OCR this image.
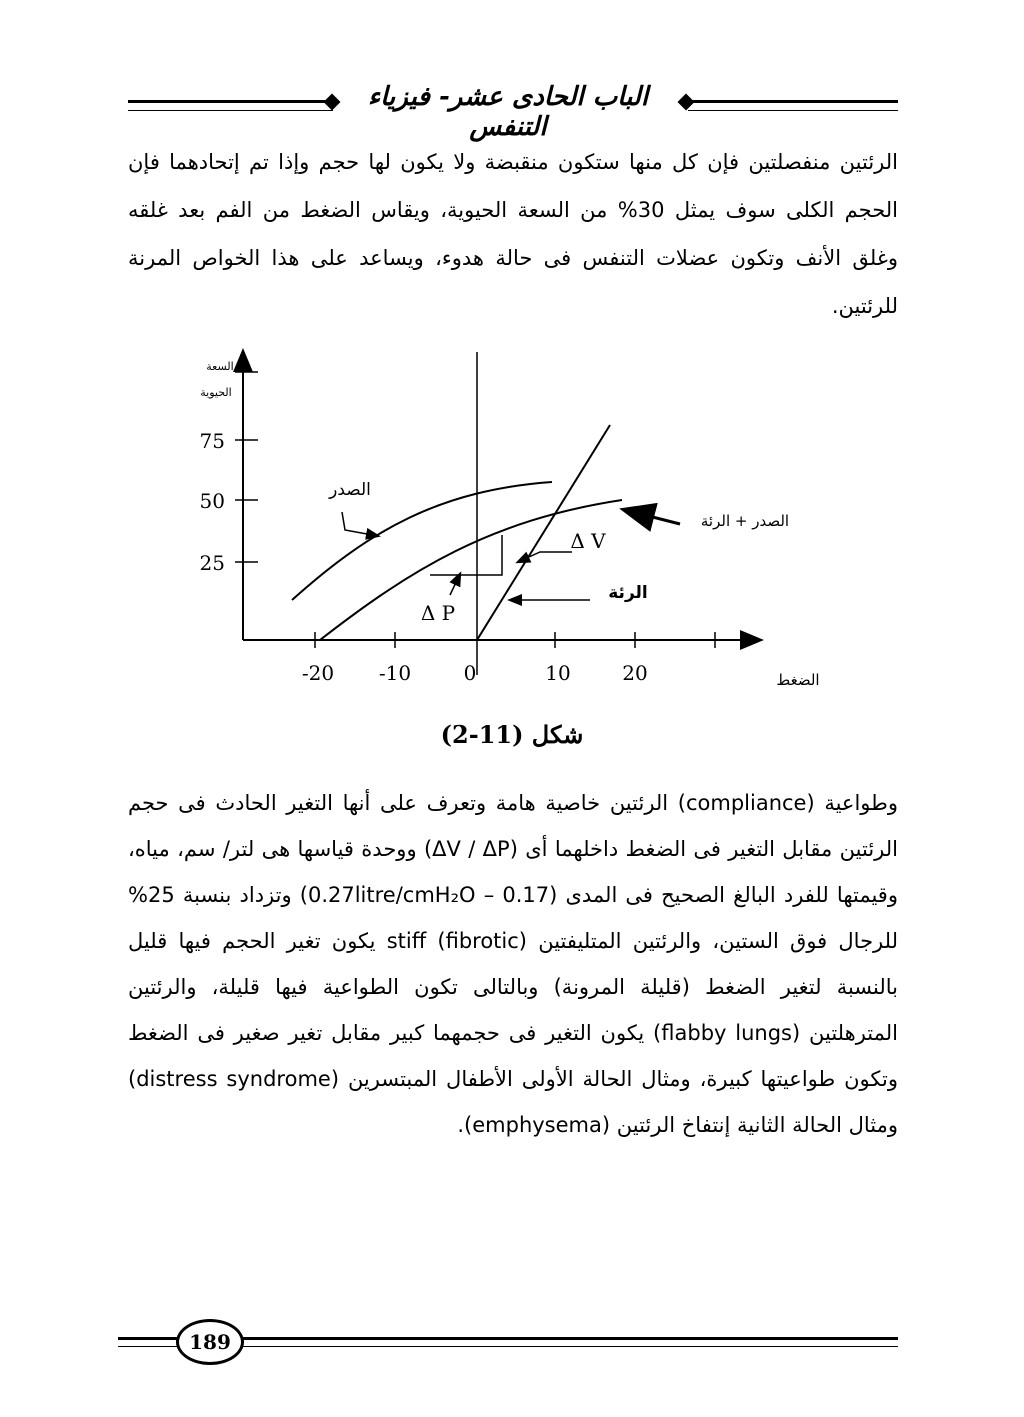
الباب الحادى عشر- فيزياء التنفس
الرئتين منفصلتين فإن كل منها ستكون منقبضة ولا يكون لها حجم وإذا تم إتحادهما فإن الحجم الكلى سوف يمثل 30% من السعة الحيوية، ويقاس الضغط من الفم بعد غلقه وغلق الأنف وتكون عضلات التنفس فى حالة هدوء، ويساعد على هذا الخواص المرنة للرئتين.
75
50
25
-20 -10	0	10	20
السعة
الحيوية
الضغط
الصدر
الصدر + الرئة
الرئة
Δ V
Δ P
شكل (11-2)
وطواعية (compliance) الرئتين خاصية هامة وتعرف على أنها التغير الحادث فى حجم الرئتين مقابل التغير فى الضغط داخلهما أى (ΔV / ΔP) ووحدة قياسها هى لتر/ سم، مياه، وقيمتها للفرد البالغ الصحيح فى المدى (0.17 – 0.27litre/cmH₂O) وتزداد بنسبة 25% للرجال فوق الستين، والرئتين المتليفتين stiff (fibrotic) يكون تغير الحجم فيها قليل بالنسبة لتغير الضغط (قليلة المرونة) وبالتالى تكون الطواعية فيها قليلة، والرئتين المترهلتين (flabby lungs) يكون التغير فى حجمهما كبير مقابل تغير صغير فى الضغط وتكون طواعيتها كبيرة، ومثال الحالة الأولى الأطفال المبتسرين (distress syndrome) ومثال الحالة الثانية إنتفاخ الرئتين (emphysema).
189
